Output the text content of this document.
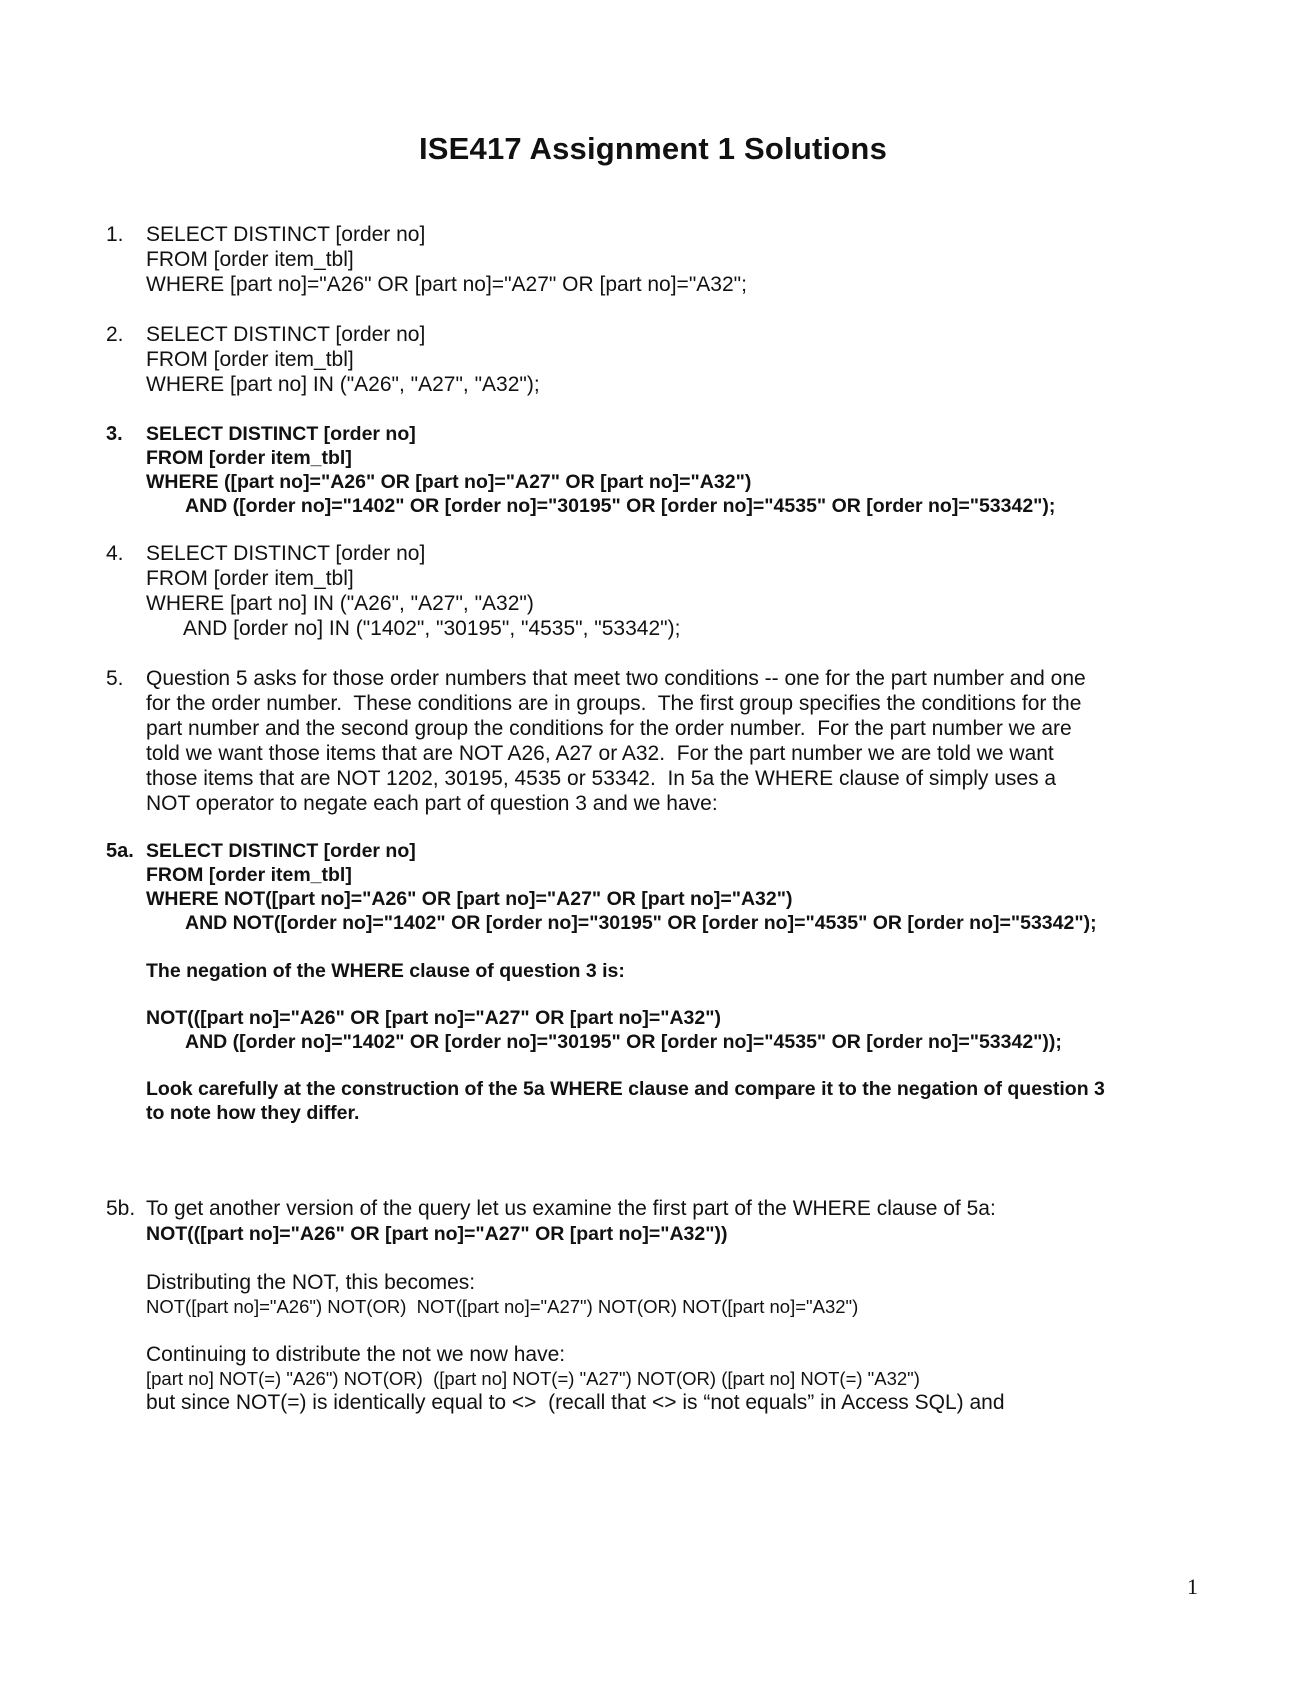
ISE417 Assignment 1 Solutions
1. SELECT DISTINCT [order no]
FROM [order item_tbl]
WHERE [part no]="A26" OR [part no]="A27" OR [part no]="A32";
2. SELECT DISTINCT [order no]
FROM [order item_tbl]
WHERE [part no] IN ("A26", "A27", "A32");
3. SELECT DISTINCT [order no]
FROM [order item_tbl]
WHERE ([part no]="A26" OR [part no]="A27" OR [part no]="A32")
AND ([order no]="1402" OR [order no]="30195" OR [order no]="4535" OR [order no]="53342");
4. SELECT DISTINCT [order no]
FROM [order item_tbl]
WHERE [part no] IN ("A26", "A27", "A32")
AND [order no] IN ("1402", "30195", "4535", "53342");
5. Question 5 asks for those order numbers that meet two conditions -- one for the part number and one
for the order number.  These conditions are in groups.  The first group specifies the conditions for the
part number and the second group the conditions for the order number.  For the part number we are
told we want those items that are NOT A26, A27 or A32.  For the part number we are told we want
those items that are NOT 1202, 30195, 4535 or 53342.  In 5a the WHERE clause of simply uses a
NOT operator to negate each part of question 3 and we have:
5a. SELECT DISTINCT [order no]
FROM [order item_tbl]
WHERE NOT([part no]="A26" OR [part no]="A27" OR [part no]="A32")
AND NOT([order no]="1402" OR [order no]="30195" OR [order no]="4535" OR [order no]="53342");
The negation of the WHERE clause of question 3 is:
NOT(([part no]="A26" OR [part no]="A27" OR [part no]="A32")
AND ([order no]="1402" OR [order no]="30195" OR [order no]="4535" OR [order no]="53342"));
Look carefully at the construction of the 5a WHERE clause and compare it to the negation of question 3
to note how they differ.
5b. To get another version of the query let us examine the first part of the WHERE clause of 5a:
NOT(([part no]="A26" OR [part no]="A27" OR [part no]="A32"))
Distributing the NOT, this becomes:
NOT([part no]="A26") NOT(OR)  NOT([part no]="A27") NOT(OR) NOT([part no]="A32")
Continuing to distribute the not we now have:
[part no] NOT(=) "A26") NOT(OR)  ([part no] NOT(=) "A27") NOT(OR) ([part no] NOT(=) "A32")
but since NOT(=) is identically equal to <>  (recall that <> is “not equals” in Access SQL) and
1
